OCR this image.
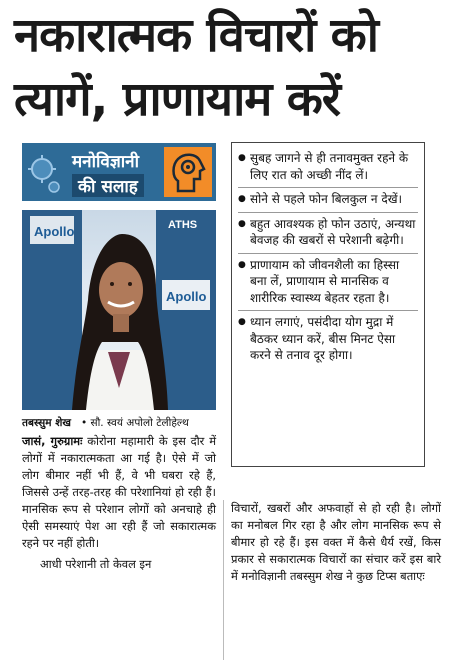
नकारात्मक विचारों को
त्यागें, प्राणायाम करें
मनोविज्ञानी
की सलाह
Apollo
Apollo
ATHS
तबस्सुम शेख • सौ. स्वयं अपोलो टेलीहेल्थ
● सुबह जागने से ही तनावमुक्त रहने के लिए रात को अच्छी नींद लें।
● सोने से पहले फोन बिलकुल न देखें।
● बहुत आवश्यक हो फोन उठाएं, अन्यथा बेवजह की खबरों से परेशानी बढ़ेगी।
● प्राणायाम को जीवनशैली का हिस्सा बना लें, प्राणायाम से मानसिक व शारीरिक स्वास्थ्य बेहतर रहता है।
● ध्यान लगाएं, पसंदीदा योग मुद्रा में बैठकर ध्यान करें, बीस मिनट ऐसा करने से तनाव दूर होगा।

जासं, गुरुग्रामः कोरोना महामारी के इस दौर में लोगों में नकारात्मकता आ गई है। ऐसे में जो लोग बीमार नहीं भी हैं, वे भी घबरा रहे हैं, जिससे उन्हें तरह-तरह की परेशानियां हो रही हैं। मानसिक रूप से परेशान लोगों को अनचाहे ही ऐसी समस्याएं पेश आ रही हैं जो सकारात्मक रहने पर नहीं होती।

आधी परेशानी तो केवल इन

विचारों, खबरों और अफवाहों से हो रही है। लोगों का मनोबल गिर रहा है और लोग मानसिक रूप से बीमार हो रहे हैं। इस वक्त में कैसे धैर्य रखें, किस प्रकार से सकारात्मक विचारों का संचार करें इस बारे में मनोविज्ञानी तबस्सुम शेख ने कुछ टिप्स बताएः
